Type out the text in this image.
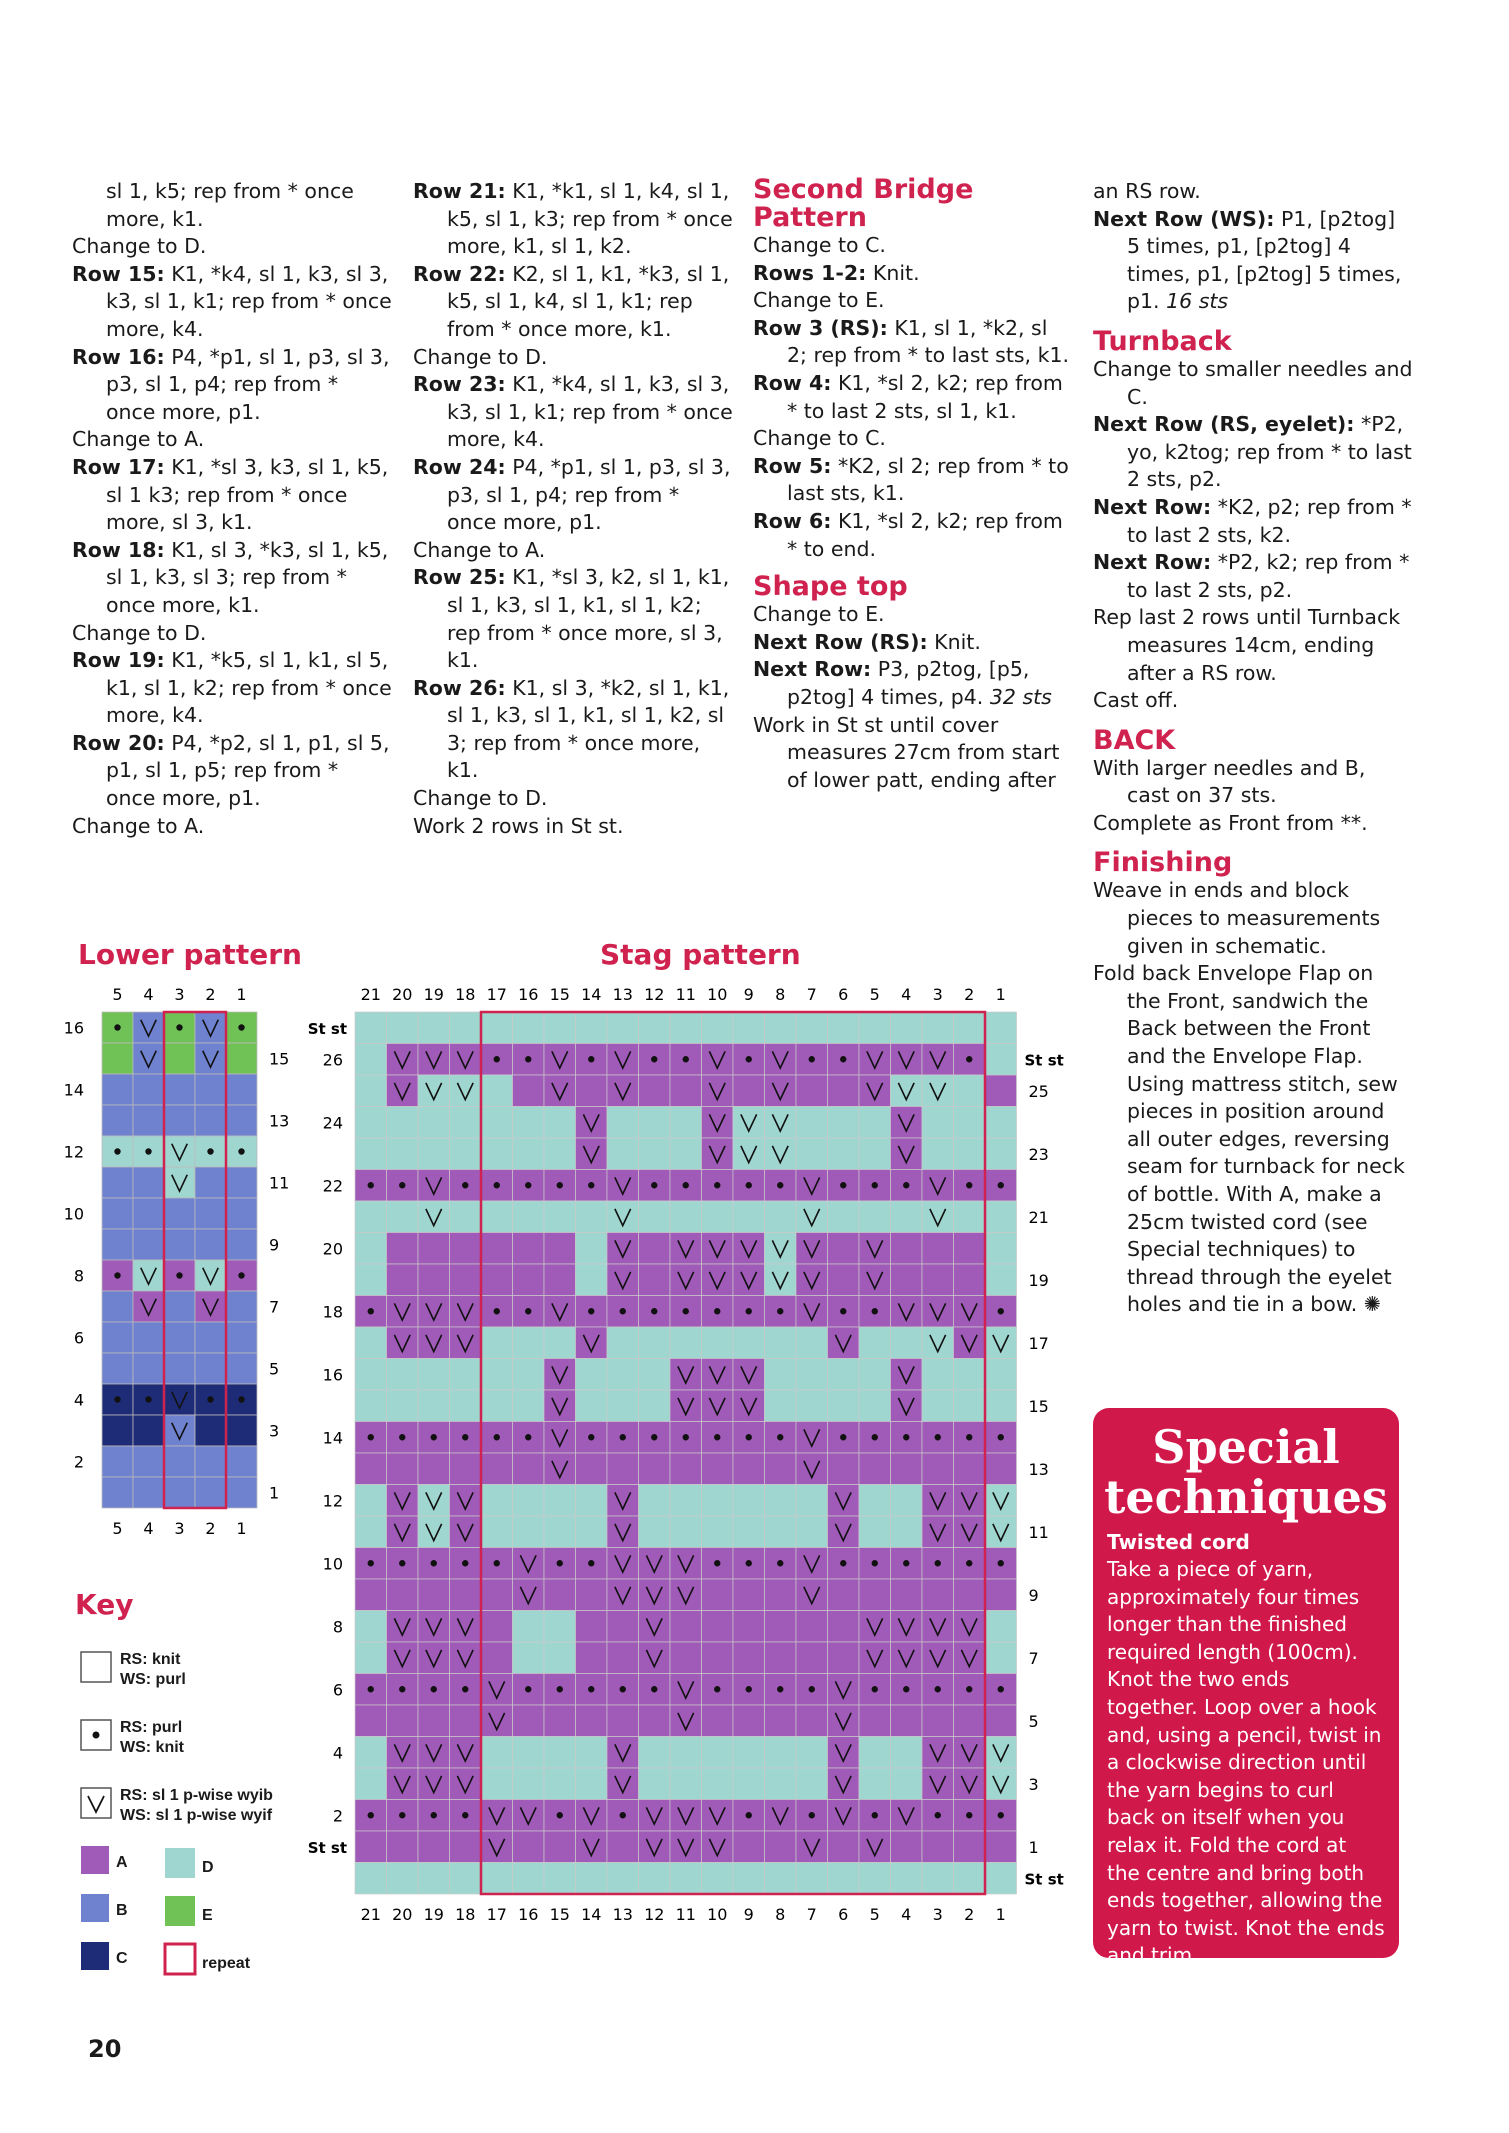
sl 1, k5; rep from * once more, k1.

Change to D.

Row 15: K1, *k4, sl 1, k3, sl 3, k3, sl 1, k1; rep from * once more, k4.

Row 16: P4, *p1, sl 1, p3, sl 3, p3, sl 1, p4; rep from * once more, p1.

Change to A.

Row 17: K1, *sl 3, k3, sl 1, k5, sl 1 k3; rep from * once more, sl 3, k1.

Row 18: K1, sl 3, *k3, sl 1, k5, sl 1, k3, sl 3; rep from * once more, k1.

Change to D.

Row 19: K1, *k5, sl 1, k1, sl 5, k1, sl 1, k2; rep from * once more, k4.

Row 20: P4, *p2, sl 1, p1, sl 5, p1, sl 1, p5; rep from * once more, p1.

Change to A.

Row 21: K1, *k1, sl 1, k4, sl 1, k5, sl 1, k3; rep from * once more, k1, sl 1, k2.

Row 22: K2, sl 1, k1, *k3, sl 1, k5, sl 1, k4, sl 1, k1; rep from * once more, k1.

Change to D.

Row 23: K1, *k4, sl 1, k3, sl 3, k3, sl 1, k1; rep from * once more, k4.

Row 24: P4, *p1, sl 1, p3, sl 3, p3, sl 1, p4; rep from * once more, p1.

Change to A.

Row 25: K1, *sl 3, k2, sl 1, k1, sl 1, k3, sl 1, k1, sl 1, k2; rep from * once more, sl 3, k1.

Row 26: K1, sl 3, *k2, sl 1, k1, sl 1, k3, sl 1, k1, sl 1, k2, sl 3; rep from * once more, k1.

Change to D.

Work 2 rows in St st.

Second Bridge Pattern

Change to C.

Rows 1-2: Knit.

Change to E.

Row 3 (RS): K1, sl 1, *k2, sl 2; rep from * to last sts, k1.

Row 4: K1, *sl 2, k2; rep from * to last 2 sts, sl 1, k1.

Change to C.

Row 5: *K2, sl 2; rep from * to last sts, k1.

Row 6: K1, *sl 2, k2; rep from * to end.

Shape top

Change to E.

Next Row (RS): Knit.

Next Row: P3, p2tog, [p5, p2tog] 4 times, p4. 32 sts

Work in St st until cover measures 27cm from start of lower patt, ending after

an RS row.

Next Row (WS): P1, [p2tog] 5 times, p1, [p2tog] 4 times, p1, [p2tog] 5 times, p1. 16 sts

Turnback

Change to smaller needles and C.

Next Row (RS, eyelet): *P2, yo, k2tog; rep from * to last 2 sts, p2.

Next Row: *K2, p2; rep from * to last 2 sts, k2.

Next Row: *P2, k2; rep from * to last 2 sts, p2.

Rep last 2 rows until Turnback measures 14cm, ending after a RS row.

Cast off.

BACK

With larger needles and B, cast on 37 sts.

Complete as Front from **.

Finishing

Weave in ends and block pieces to measurements given in schematic.

Fold back Envelope Flap on the Front, sandwich the Back between the Front and the Envelope Flap. Using mattress stitch, sew pieces in position around all outer edges, reversing seam for turnback for neck of bottle. With A, make a 25cm twisted cord (see Special techniques) to thread through the eyelet holes and tie in a bow. ✺

Lower pattern	Stag pattern
5
5
4
4
3
3
2
2
1
1
16
15
14
13
12
11
10
9
8
7
6
5
4
3
2
1
21
21
20
20
19
19
18
18
17
17
16
16
15
15
14
14
13
13
12
12
11
11
10
10
9
9
8
8
7
7
6
6
5
5
4
4
3
3
2
2
1
1
St st
26
25
24
23
22
21
20
19
18
17
16
15
14
13
12
11
10
9
8
7
6
5
4
3
2
1
St st
St st
St st
Key
RS: knit
WS: purl
RS: purl
WS: knit
RS: sl 1 p-wise wyib
WS: sl 1 p-wise wyif
A
B
C
D
E
repeat
Special techniques
Twisted cord

Take a piece of yarn, approximately four times longer than the finished required length (100cm). Knot the two ends together. Loop over a hook and, using a pencil, twist in a clockwise direction until the yarn begins to curl back on itself when you relax it. Fold the cord at the centre and bring both ends together, allowing the yarn to twist. Knot the ends and trim.

20
